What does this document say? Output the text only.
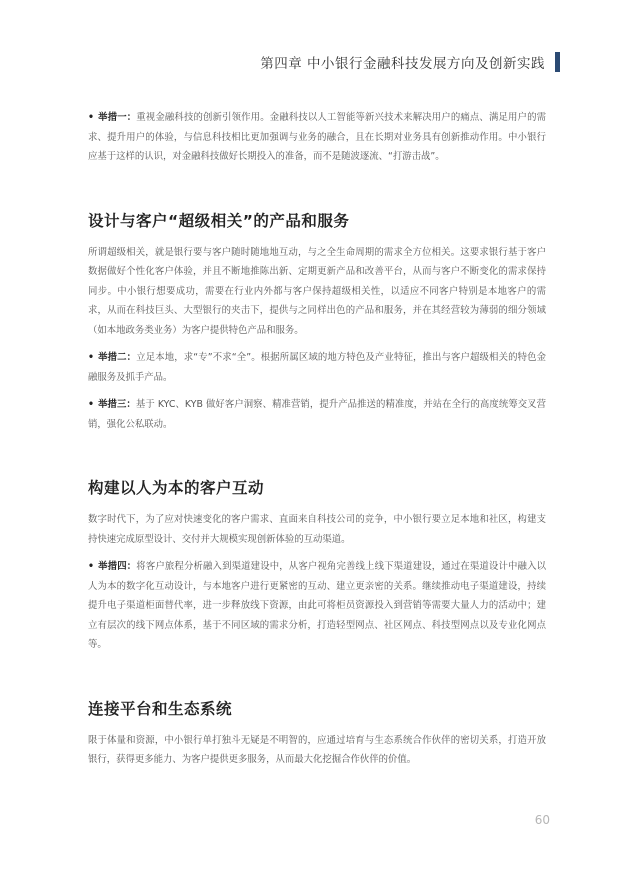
第四章 中小银行金融科技发展方向及创新实践

• 举措一：重视金融科技的创新引领作用。金融科技以人工智能等新兴技术来解决用户的痛点、满足用户的需求、提升用户的体验，与信息科技相比更加强调与业务的融合，且在长期对业务具有创新推动作用。中小银行应基于这样的认识，对金融科技做好长期投入的准备，而不是随波逐流、“打游击战”。

设计与客户“超级相关”的产品和服务

所谓超级相关，就是银行要与客户随时随地地互动，与之全生命周期的需求全方位相关。这要求银行基于客户数据做好个性化客户体验，并且不断地推陈出新、定期更新产品和改善平台，从而与客户不断变化的需求保持同步。中小银行想要成功，需要在行业内外都与客户保持超级相关性，以适应不同客户特别是本地客户的需求，从而在科技巨头、大型银行的夹击下，提供与之同样出色的产品和服务，并在其经营较为薄弱的细分领域（如本地政务类业务）为客户提供特色产品和服务。

• 举措二：立足本地，求“专”不求“全”。根据所属区域的地方特色及产业特征，推出与客户超级相关的特色金融服务及抓手产品。

• 举措三：基于 KYC、KYB 做好客户洞察、精准营销，提升产品推送的精准度，并站在全行的高度统筹交叉营销，强化公私联动。

构建以人为本的客户互动

数字时代下，为了应对快速变化的客户需求、直面来自科技公司的竞争，中小银行要立足本地和社区，构建支持快速完成原型设计、交付并大规模实现创新体验的互动渠道。

• 举措四：将客户旅程分析融入到渠道建设中，从客户视角完善线上线下渠道建设，通过在渠道设计中融入以人为本的数字化互动设计，与本地客户进行更紧密的互动、建立更亲密的关系。继续推动电子渠道建设，持续提升电子渠道柜面替代率，进一步释放线下资源，由此可将柜员资源投入到营销等需要大量人力的活动中；建立有层次的线下网点体系，基于不同区域的需求分析，打造轻型网点、社区网点、科技型网点以及专业化网点等。

连接平台和生态系统

限于体量和资源，中小银行单打独斗无疑是不明智的，应通过培育与生态系统合作伙伴的密切关系，打造开放银行，获得更多能力、为客户提供更多服务，从而最大化挖掘合作伙伴的价值。

60
